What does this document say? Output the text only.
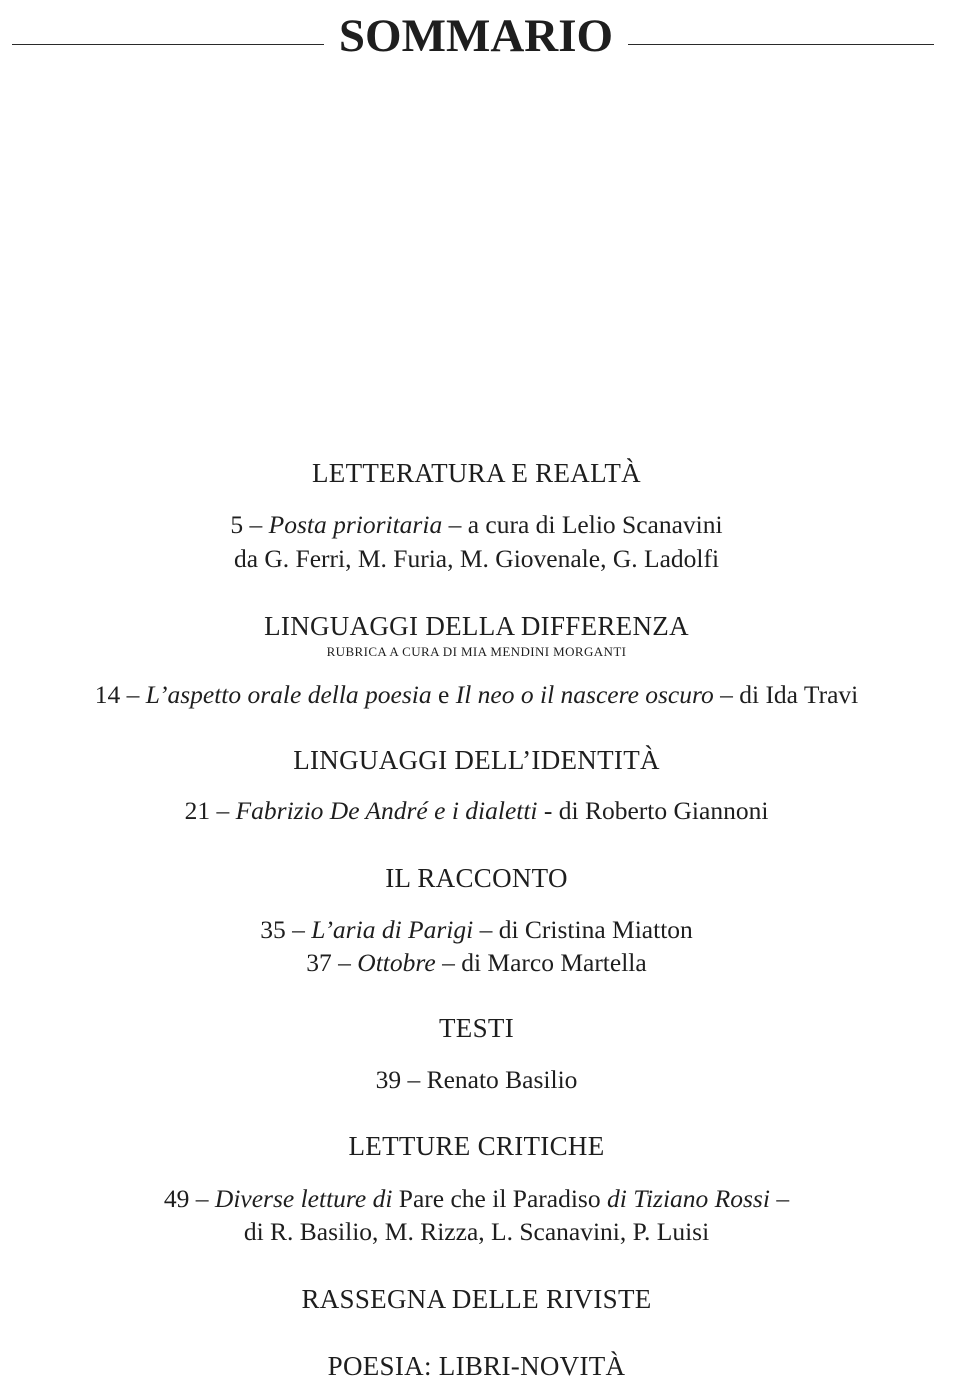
SOMMARIO
LETTERATURA E REALTÀ
5 – Posta prioritaria – a cura di Lelio Scanavini
da G. Ferri, M. Furia, M. Giovenale, G. Ladolfi
LINGUAGGI DELLA DIFFERENZA
RUBRICA A CURA DI MIA MENDINI MORGANTI
14 – L’aspetto orale della poesia e Il neo o il nascere oscuro – di Ida Travi
LINGUAGGI DELL’IDENTITÀ
21 – Fabrizio De André e i dialetti - di Roberto Giannoni
IL RACCONTO
35 – L’aria di Parigi – di Cristina Miatton
37 – Ottobre – di Marco Martella
TESTI
39 – Renato Basilio
LETTURE CRITICHE
49 – Diverse letture di Pare che il Paradiso di Tiziano Rossi –
di R. Basilio, M. Rizza, L. Scanavini, P. Luisi
RASSEGNA DELLE RIVISTE
POESIA: LIBRI-NOVITÀ
